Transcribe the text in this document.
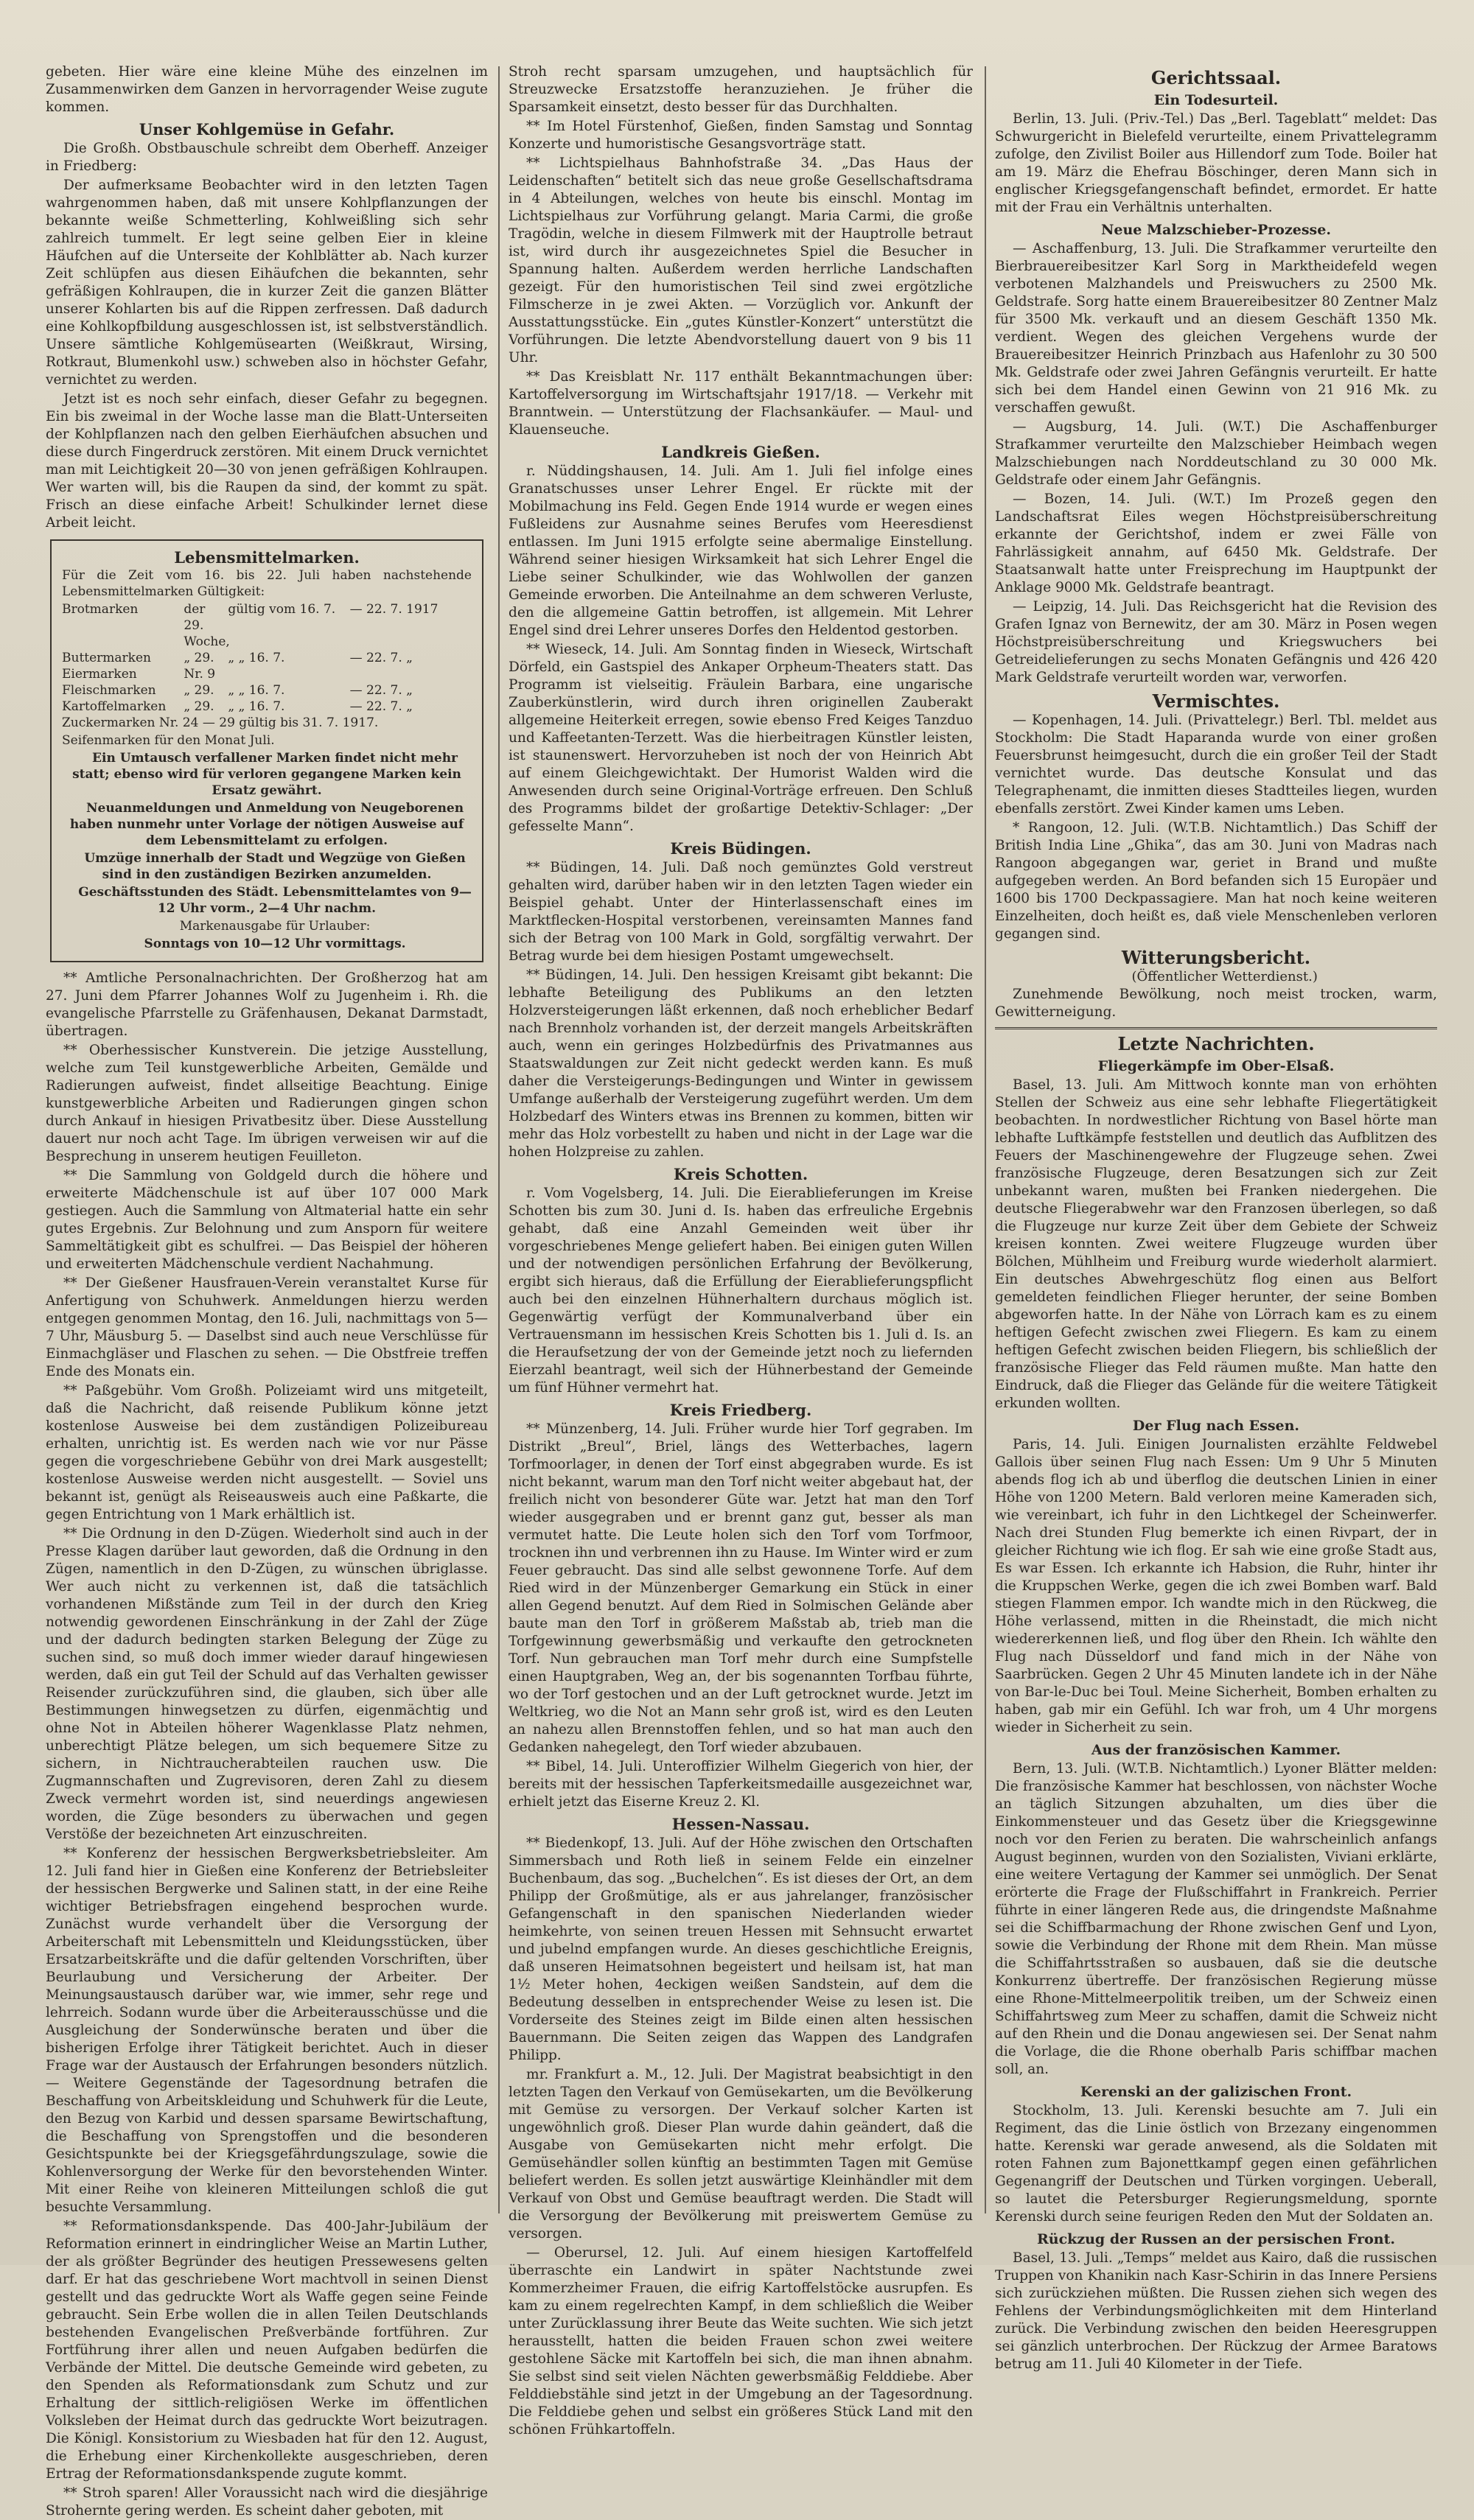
gebeten. Hier wäre eine kleine Mühe des einzelnen im Zusammenwirken dem Ganzen in hervorragender Weise zugute kommen.

Unser Kohlgemüse in Gefahr.

Die Großh. Obstbauschule schreibt dem Oberheff. Anzeiger in Friedberg:

Der aufmerksame Beobachter wird in den letzten Tagen wahrgenommen haben, daß mit unsere Kohlpflanzungen der bekannte weiße Schmetterling, Kohlweißling sich sehr zahlreich tummelt. Er legt seine gelben Eier in kleine Häufchen auf die Unterseite der Kohlblätter ab. Nach kurzer Zeit schlüpfen aus diesen Eihäufchen die bekannten, sehr gefräßigen Kohlraupen, die in kurzer Zeit die ganzen Blätter unserer Kohlarten bis auf die Rippen zerfressen. Daß dadurch eine Kohlkopfbildung ausgeschlossen ist, ist selbstverständlich. Unsere sämtliche Kohlgemüsearten (Weißkraut, Wirsing, Rotkraut, Blumenkohl usw.) schweben also in höchster Gefahr, vernichtet zu werden.

Jetzt ist es noch sehr einfach, dieser Gefahr zu begegnen. Ein bis zweimal in der Woche lasse man die Blatt-Unterseiten der Kohlpflanzen nach den gelben Eierhäufchen absuchen und diese durch Fingerdruck zerstören. Mit einem Druck vernichtet man mit Leichtigkeit 20—30 von jenen gefräßigen Kohlraupen. Wer warten will, bis die Raupen da sind, der kommt zu spät. Frisch an diese einfache Arbeit! Schulkinder lernet diese Arbeit leicht.

Lebensmittelmarken.

Für die Zeit vom 16. bis 22. Juli haben nachstehende Lebensmittelmarken Gültigkeit:

Brotmarken	der 29. Woche,
gültig vom 16. 7.	— 22. 7. 1917
Buttermarken	„ 29.	„ „ 16. 7.	— 22. 7. „
Eiermarken	Nr. 9
Fleischmarken	„ 29.	„ „ 16. 7.	— 22. 7. „
Kartoffelmarken	„ 29.	„ „ 16. 7.	— 22. 7. „

Zuckermarken Nr. 24 — 29 gültig bis 31. 7. 1917.

Seifenmarken für den Monat Juli.

Ein Umtausch verfallener Marken findet nicht mehr statt; ebenso wird für verloren gegangene Marken kein Ersatz gewährt.

Neuanmeldungen und Anmeldung von Neugeborenen haben nunmehr unter Vorlage der nötigen Ausweise auf dem Lebensmittelamt zu erfolgen.

Umzüge innerhalb der Stadt und Wegzüge von Gießen sind in den zuständigen Bezirken anzumelden.

Geschäftsstunden des Städt. Lebensmittelamtes von 9—12 Uhr vorm., 2—4 Uhr nachm.

Markenausgabe für Urlauber:

Sonntags von 10—12 Uhr vormittags.

** Amtliche Personalnachrichten. Der Großherzog hat am 27. Juni dem Pfarrer Johannes Wolf zu Jugenheim i. Rh. die evangelische Pfarrstelle zu Gräfenhausen, Dekanat Darmstadt, übertragen.

** Oberhessischer Kunstverein. Die jetzige Ausstellung, welche zum Teil kunstgewerbliche Arbeiten, Gemälde und Radierungen aufweist, findet allseitige Beachtung. Einige kunstgewerbliche Arbeiten und Radierungen gingen schon durch Ankauf in hiesigen Privatbesitz über. Diese Ausstellung dauert nur noch acht Tage. Im übrigen verweisen wir auf die Besprechung in unserem heutigen Feuilleton.

** Die Sammlung von Goldgeld durch die höhere und erweiterte Mädchenschule ist auf über 107 000 Mark gestiegen. Auch die Sammlung von Altmaterial hatte ein sehr gutes Ergebnis. Zur Belohnung und zum Ansporn für weitere Sammeltätigkeit gibt es schulfrei. — Das Beispiel der höheren und erweiterten Mädchenschule verdient Nachahmung.

** Der Gießener Hausfrauen-Verein veranstaltet Kurse für Anfertigung von Schuhwerk. Anmeldungen hierzu werden entgegen genommen Montag, den 16. Juli, nachmittags von 5—7 Uhr, Mäusburg 5. — Daselbst sind auch neue Verschlüsse für Einmachgläser und Flaschen zu sehen. — Die Obstfreie treffen Ende des Monats ein.

** Paßgebühr. Vom Großh. Polizeiamt wird uns mitgeteilt, daß die Nachricht, daß reisende Publikum könne jetzt kostenlose Ausweise bei dem zuständigen Polizeibureau erhalten, unrichtig ist. Es werden nach wie vor nur Pässe gegen die vorgeschriebene Gebühr von drei Mark ausgestellt; kostenlose Ausweise werden nicht ausgestellt. — Soviel uns bekannt ist, genügt als Reiseausweis auch eine Paßkarte, die gegen Entrichtung von 1 Mark erhältlich ist.

** Die Ordnung in den D-Zügen. Wiederholt sind auch in der Presse Klagen darüber laut geworden, daß die Ordnung in den Zügen, namentlich in den D-Zügen, zu wünschen übriglasse. Wer auch nicht zu verkennen ist, daß die tatsächlich vorhandenen Mißstände zum Teil in der durch den Krieg notwendig gewordenen Einschränkung in der Zahl der Züge und der dadurch bedingten starken Belegung der Züge zu suchen sind, so muß doch immer wieder darauf hingewiesen werden, daß ein gut Teil der Schuld auf das Verhalten gewisser Reisender zurückzuführen sind, die glauben, sich über alle Bestimmungen hinwegsetzen zu dürfen, eigenmächtig und ohne Not in Abteilen höherer Wagenklasse Platz nehmen, unberechtigt Plätze belegen, um sich bequemere Sitze zu sichern, in Nichtraucherabteilen rauchen usw. Die Zugmannschaften und Zugrevisoren, deren Zahl zu diesem Zweck vermehrt worden ist, sind neuerdings angewiesen worden, die Züge besonders zu überwachen und gegen Verstöße der bezeichneten Art einzuschreiten.

** Konferenz der hessischen Bergwerksbetriebsleiter. Am 12. Juli fand hier in Gießen eine Konferenz der Betriebsleiter der hessischen Bergwerke und Salinen statt, in der eine Reihe wichtiger Betriebsfragen eingehend besprochen wurde. Zunächst wurde verhandelt über die Versorgung der Arbeiterschaft mit Lebensmitteln und Kleidungsstücken, über Ersatzarbeitskräfte und die dafür geltenden Vorschriften, über Beurlaubung und Versicherung der Arbeiter. Der Meinungsaustausch darüber war, wie immer, sehr rege und lehrreich. Sodann wurde über die Arbeiterausschüsse und die Ausgleichung der Sonderwünsche beraten und über die bisherigen Erfolge ihrer Tätigkeit berichtet. Auch in dieser Frage war der Austausch der Erfahrungen besonders nützlich. — Weitere Gegenstände der Tagesordnung betrafen die Beschaffung von Arbeitskleidung und Schuhwerk für die Leute, den Bezug von Karbid und dessen sparsame Bewirtschaftung, die Beschaffung von Sprengstoffen und die besonderen Gesichtspunkte bei der Kriegsgefährdungszulage, sowie die Kohlenversorgung der Werke für den bevorstehenden Winter. Mit einer Reihe von kleineren Mitteilungen schloß die gut besuchte Versammlung.

** Reformationsdankspende. Das 400-Jahr-Jubiläum der Reformation erinnert in eindringlicher Weise an Martin Luther, der als größter Begründer des heutigen Pressewesens gelten darf. Er hat das geschriebene Wort machtvoll in seinen Dienst gestellt und das gedruckte Wort als Waffe gegen seine Feinde gebraucht. Sein Erbe wollen die in allen Teilen Deutschlands bestehenden Evangelischen Preßverbände fortführen. Zur Fortführung ihrer allen und neuen Aufgaben bedürfen die Verbände der Mittel. Die deutsche Gemeinde wird gebeten, zu den Spenden als Reformationsdank zum Schutz und zur Erhaltung der sittlich-religiösen Werke im öffentlichen Volksleben der Heimat durch das gedruckte Wort beizutragen. Die Königl. Konsistorium zu Wiesbaden hat für den 12. August, die Erhebung einer Kirchenkollekte ausgeschrieben, deren Ertrag der Reformationsdankspende zugute kommt.

** Stroh sparen! Aller Voraussicht nach wird die diesjährige Strohernte gering werden. Es scheint daher geboten, mit

Stroh recht sparsam umzugehen, und hauptsächlich für Streuzwecke Ersatzstoffe heranzuziehen. Je früher die Sparsamkeit einsetzt, desto besser für das Durchhalten.

** Im Hotel Fürstenhof, Gießen, finden Samstag und Sonntag Konzerte und humoristische Gesangsvorträge statt.

** Lichtspielhaus Bahnhofstraße 34. „Das Haus der Leidenschaften“ betitelt sich das neue große Gesellschaftsdrama in 4 Abteilungen, welches von heute bis einschl. Montag im Lichtspielhaus zur Vorführung gelangt. Maria Carmi, die große Tragödin, welche in diesem Filmwerk mit der Hauptrolle betraut ist, wird durch ihr ausgezeichnetes Spiel die Besucher in Spannung halten. Außerdem werden herrliche Landschaften gezeigt. Für den humoristischen Teil sind zwei ergötzliche Filmscherze in je zwei Akten. — Vorzüglich vor. Ankunft der Ausstattungsstücke. Ein „gutes Künstler-Konzert“ unterstützt die Vorführungen. Die letzte Abendvorstellung dauert von 9 bis 11 Uhr.

** Das Kreisblatt Nr. 117 enthält Bekanntmachungen über: Kartoffelversorgung im Wirtschaftsjahr 1917/18. — Verkehr mit Branntwein. — Unterstützung der Flachsankäufer. — Maul- und Klauenseuche.

Landkreis Gießen.

r. Nüddingshausen, 14. Juli. Am 1. Juli fiel infolge eines Granatschusses unser Lehrer Engel. Er rückte mit der Mobilmachung ins Feld. Gegen Ende 1914 wurde er wegen eines Fußleidens zur Ausnahme seines Berufes vom Heeresdienst entlassen. Im Juni 1915 erfolgte seine abermalige Einstellung. Während seiner hiesigen Wirksamkeit hat sich Lehrer Engel die Liebe seiner Schulkinder, wie das Wohlwollen der ganzen Gemeinde erworben. Die Anteilnahme an dem schweren Verluste, den die allgemeine Gattin betroffen, ist allgemein. Mit Lehrer Engel sind drei Lehrer unseres Dorfes den Heldentod gestorben.

** Wieseck, 14. Juli. Am Sonntag finden in Wieseck, Wirtschaft Dörfeld, ein Gastspiel des Ankaper Orpheum-Theaters statt. Das Programm ist vielseitig. Fräulein Barbara, eine ungarische Zauberkünstlerin, wird durch ihren originellen Zauberakt allgemeine Heiterkeit erregen, sowie ebenso Fred Keiges Tanzduo und Kaffeetanten-Terzett. Was die hierbeitragen Künstler leisten, ist staunenswert. Hervorzuheben ist noch der von Heinrich Abt auf einem Gleichgewichtakt. Der Humorist Walden wird die Anwesenden durch seine Original-Vorträge erfreuen. Den Schluß des Programms bildet der großartige Detektiv-Schlager: „Der gefesselte Mann“.

Kreis Büdingen.

** Büdingen, 14. Juli. Daß noch gemünztes Gold verstreut gehalten wird, darüber haben wir in den letzten Tagen wieder ein Beispiel gehabt. Unter der Hinterlassenschaft eines im Marktflecken-Hospital verstorbenen, vereinsamten Mannes fand sich der Betrag von 100 Mark in Gold, sorgfältig verwahrt. Der Betrag wurde bei dem hiesigen Postamt umgewechselt.

** Büdingen, 14. Juli. Den hessigen Kreisamt gibt bekannt: Die lebhafte Beteiligung des Publikums an den letzten Holzversteigerungen läßt erkennen, daß noch erheblicher Bedarf nach Brennholz vorhanden ist, der derzeit mangels Arbeitskräften auch, wenn ein geringes Holzbedürfnis des Privatmannes aus Staatswaldungen zur Zeit nicht gedeckt werden kann. Es muß daher die Versteigerungs-Bedingungen und Winter in gewissem Umfange außerhalb der Versteigerung zugeführt werden. Um dem Holzbedarf des Winters etwas ins Brennen zu kommen, bitten wir mehr das Holz vorbestellt zu haben und nicht in der Lage war die hohen Holzpreise zu zahlen.

Kreis Schotten.

r. Vom Vogelsberg, 14. Juli. Die Eierablieferungen im Kreise Schotten bis zum 30. Juni d. Is. haben das erfreuliche Ergebnis gehabt, daß eine Anzahl Gemeinden weit über ihr vorgeschriebenes Menge geliefert haben. Bei einigen guten Willen und der notwendigen persönlichen Erfahrung der Bevölkerung, ergibt sich hieraus, daß die Erfüllung der Eierablieferungspflicht auch bei den einzelnen Hühnerhaltern durchaus möglich ist. Gegenwärtig verfügt der Kommunalverband über ein Vertrauensmann im hessischen Kreis Schotten bis 1. Juli d. Is. an die Heraufsetzung der von der Gemeinde jetzt noch zu liefernden Eierzahl beantragt, weil sich der Hühnerbestand der Gemeinde um fünf Hühner vermehrt hat.

Kreis Friedberg.

** Münzenberg, 14. Juli. Früher wurde hier Torf gegraben. Im Distrikt „Breul“, Briel, längs des Wetterbaches, lagern Torfmoorlager, in denen der Torf einst abgegraben wurde. Es ist nicht bekannt, warum man den Torf nicht weiter abgebaut hat, der freilich nicht von besonderer Güte war. Jetzt hat man den Torf wieder ausgegraben und er brennt ganz gut, besser als man vermutet hatte. Die Leute holen sich den Torf vom Torfmoor, trocknen ihn und verbrennen ihn zu Hause. Im Winter wird er zum Feuer gebraucht. Das sind alle selbst gewonnene Torfe. Auf dem Ried wird in der Münzenberger Gemarkung ein Stück in einer allen Gegend benutzt. Auf dem Ried in Solmischen Gelände aber baute man den Torf in größerem Maßstab ab, trieb man die Torfgewinnung gewerbsmäßig und verkaufte den getrockneten Torf. Nun gebrauchen man Torf mehr durch eine Sumpfstelle einen Hauptgraben, Weg an, der bis sogenannten Torfbau führte, wo der Torf gestochen und an der Luft getrocknet wurde. Jetzt im Weltkrieg, wo die Not an Mann sehr groß ist, wird es den Leuten an nahezu allen Brennstoffen fehlen, und so hat man auch den Gedanken nahegelegt, den Torf wieder abzubauen.

** Bibel, 14. Juli. Unteroffizier Wilhelm Giegerich von hier, der bereits mit der hessischen Tapferkeitsmedaille ausgezeichnet war, erhielt jetzt das Eiserne Kreuz 2. Kl.

Hessen-Nassau.

** Biedenkopf, 13. Juli. Auf der Höhe zwischen den Ortschaften Simmersbach und Roth ließ in seinem Felde ein einzelner Buchenbaum, das sog. „Buchelchen“. Es ist dieses der Ort, an dem Philipp der Großmütige, als er aus jahrelanger, französischer Gefangenschaft in den spanischen Niederlanden wieder heimkehrte, von seinen treuen Hessen mit Sehnsucht erwartet und jubelnd empfangen wurde. An dieses geschichtliche Ereignis, daß unseren Heimatsohnen begeistert und heilsam ist, hat man 1½ Meter hohen, 4eckigen weißen Sandstein, auf dem die Bedeutung desselben in entsprechender Weise zu lesen ist. Die Vorderseite des Steines zeigt im Bilde einen alten hessischen Bauernmann. Die Seiten zeigen das Wappen des Landgrafen Philipp.

mr. Frankfurt a. M., 12. Juli. Der Magistrat beabsichtigt in den letzten Tagen den Verkauf von Gemüsekarten, um die Bevölkerung mit Gemüse zu versorgen. Der Verkauf solcher Karten ist ungewöhnlich groß. Dieser Plan wurde dahin geändert, daß die Ausgabe von Gemüsekarten nicht mehr erfolgt. Die Gemüsehändler sollen künftig an bestimmten Tagen mit Gemüse beliefert werden. Es sollen jetzt auswärtige Kleinhändler mit dem Verkauf von Obst und Gemüse beauftragt werden. Die Stadt will die Versorgung der Bevölkerung mit preiswertem Gemüse zu versorgen.

— Oberursel, 12. Juli. Auf einem hiesigen Kartoffelfeld überraschte ein Landwirt in später Nachtstunde zwei Kommerzheimer Frauen, die eifrig Kartoffelstöcke ausrupfen. Es kam zu einem regelrechten Kampf, in dem schließlich die Weiber unter Zurücklassung ihrer Beute das Weite suchten. Wie sich jetzt herausstellt, hatten die beiden Frauen schon zwei weitere gestohlene Säcke mit Kartoffeln bei sich, die man ihnen abnahm. Sie selbst sind seit vielen Nächten gewerbsmäßig Felddiebe. Aber Felddiebstähle sind jetzt in der Umgebung an der Tagesordnung. Die Felddiebe gehen und selbst ein größeres Stück Land mit den schönen Frühkartoffeln.

Gerichtssaal.
Ein Todesurteil.

Berlin, 13. Juli. (Priv.-Tel.) Das „Berl. Tageblatt“ meldet: Das Schwurgericht in Bielefeld verurteilte, einem Privattelegramm zufolge, den Zivilist Boiler aus Hillendorf zum Tode. Boiler hat am 19. März die Ehefrau Böschinger, deren Mann sich in englischer Kriegsgefangenschaft befindet, ermordet. Er hatte mit der Frau ein Verhältnis unterhalten.

Neue Malzschieber-Prozesse.

— Aschaffenburg, 13. Juli. Die Strafkammer verurteilte den Bierbrauereibesitzer Karl Sorg in Marktheidefeld wegen verbotenen Malzhandels und Preiswuchers zu 2500 Mk. Geldstrafe. Sorg hatte einem Brauereibesitzer 80 Zentner Malz für 3500 Mk. verkauft und an diesem Geschäft 1350 Mk. verdient. Wegen des gleichen Vergehens wurde der Brauereibesitzer Heinrich Prinzbach aus Hafenlohr zu 30 500 Mk. Geldstrafe oder zwei Jahren Gefängnis verurteilt. Er hatte sich bei dem Handel einen Gewinn von 21 916 Mk. zu verschaffen gewußt.

— Augsburg, 14. Juli. (W.T.) Die Aschaffenburger Strafkammer verurteilte den Malzschieber Heimbach wegen Malzschiebungen nach Norddeutschland zu 30 000 Mk. Geldstrafe oder einem Jahr Gefängnis.

— Bozen, 14. Juli. (W.T.) Im Prozeß gegen den Landschaftsrat Eiles wegen Höchstpreisüberschreitung erkannte der Gerichtshof, indem er zwei Fälle von Fahrlässigkeit annahm, auf 6450 Mk. Geldstrafe. Der Staatsanwalt hatte unter Freisprechung im Hauptpunkt der Anklage 9000 Mk. Geldstrafe beantragt.

— Leipzig, 14. Juli. Das Reichsgericht hat die Revision des Grafen Ignaz von Bernewitz, der am 30. März in Posen wegen Höchstpreisüberschreitung und Kriegswuchers bei Getreidelieferungen zu sechs Monaten Gefängnis und 426 420 Mark Geldstrafe verurteilt worden war, verworfen.

Vermischtes.

— Kopenhagen, 14. Juli. (Privattelegr.) Berl. Tbl. meldet aus Stockholm: Die Stadt Haparanda wurde von einer großen Feuersbrunst heimgesucht, durch die ein großer Teil der Stadt vernichtet wurde. Das deutsche Konsulat und das Telegraphenamt, die inmitten dieses Stadtteiles liegen, wurden ebenfalls zerstört. Zwei Kinder kamen ums Leben.

* Rangoon, 12. Juli. (W.T.B. Nichtamtlich.) Das Schiff der British India Line „Ghika“, das am 30. Juni von Madras nach Rangoon abgegangen war, geriet in Brand und mußte aufgegeben werden. An Bord befanden sich 15 Europäer und 1600 bis 1700 Deckpassagiere. Man hat noch keine weiteren Einzelheiten, doch heißt es, daß viele Menschenleben verloren gegangen sind.

Witterungsbericht.

(Öffentlicher Wetterdienst.)

Zunehmende Bewölkung, noch meist trocken, warm, Gewitterneigung.

Letzte Nachrichten.
Fliegerkämpfe im Ober-Elsaß.

Basel, 13. Juli. Am Mittwoch konnte man von erhöhten Stellen der Schweiz aus eine sehr lebhafte Fliegertätigkeit beobachten. In nordwestlicher Richtung von Basel hörte man lebhafte Luftkämpfe feststellen und deutlich das Aufblitzen des Feuers der Maschinengewehre der Flugzeuge sehen. Zwei französische Flugzeuge, deren Besatzungen sich zur Zeit unbekannt waren, mußten bei Franken niedergehen. Die deutsche Fliegerabwehr war den Franzosen überlegen, so daß die Flugzeuge nur kurze Zeit über dem Gebiete der Schweiz kreisen konnten. Zwei weitere Flugzeuge wurden über Bölchen, Mühlheim und Freiburg wurde wiederholt alarmiert. Ein deutsches Abwehrgeschütz flog einen aus Belfort gemeldeten feindlichen Flieger herunter, der seine Bomben abgeworfen hatte. In der Nähe von Lörrach kam es zu einem heftigen Gefecht zwischen zwei Fliegern. Es kam zu einem heftigen Gefecht zwischen beiden Fliegern, bis schließlich der französische Flieger das Feld räumen mußte. Man hatte den Eindruck, daß die Flieger das Gelände für die weitere Tätigkeit erkunden wollten.

Der Flug nach Essen.

Paris, 14. Juli. Einigen Journalisten erzählte Feldwebel Gallois über seinen Flug nach Essen: Um 9 Uhr 5 Minuten abends flog ich ab und überflog die deutschen Linien in einer Höhe von 1200 Metern. Bald verloren meine Kameraden sich, wie vereinbart, ich fuhr in den Lichtkegel der Scheinwerfer. Nach drei Stunden Flug bemerkte ich einen Rivpart, der in gleicher Richtung wie ich flog. Er sah wie eine große Stadt aus, Es war Essen. Ich erkannte ich Habsion, die Ruhr, hinter ihr die Kruppschen Werke, gegen die ich zwei Bomben warf. Bald stiegen Flammen empor. Ich wandte mich in den Rückweg, die Höhe verlassend, mitten in die Rheinstadt, die mich nicht wiedererkennen ließ, und flog über den Rhein. Ich wählte den Flug nach Düsseldorf und fand mich in der Nähe von Saarbrücken. Gegen 2 Uhr 45 Minuten landete ich in der Nähe von Bar-le-Duc bei Toul. Meine Sicherheit, Bomben erhalten zu haben, gab mir ein Gefühl. Ich war froh, um 4 Uhr morgens wieder in Sicherheit zu sein.

Aus der französischen Kammer.

Bern, 13. Juli. (W.T.B. Nichtamtlich.) Lyoner Blätter melden: Die französische Kammer hat beschlossen, von nächster Woche an täglich Sitzungen abzuhalten, um dies über die Einkommensteuer und das Gesetz über die Kriegsgewinne noch vor den Ferien zu beraten. Die wahrscheinlich anfangs August beginnen, wurden von den Sozialisten, Viviani erklärte, eine weitere Vertagung der Kammer sei unmöglich. Der Senat erörterte die Frage der Flußschiffahrt in Frankreich. Perrier führte in einer längeren Rede aus, die dringendste Maßnahme sei die Schiffbarmachung der Rhone zwischen Genf und Lyon, sowie die Verbindung der Rhone mit dem Rhein. Man müsse die Schiffahrtsstraßen so ausbauen, daß sie die deutsche Konkurrenz übertreffe. Der französischen Regierung müsse eine Rhone-Mittelmeerpolitik treiben, um der Schweiz einen Schiffahrtsweg zum Meer zu schaffen, damit die Schweiz nicht auf den Rhein und die Donau angewiesen sei. Der Senat nahm die Vorlage, die die Rhone oberhalb Paris schiffbar machen soll, an.

Kerenski an der galizischen Front.

Stockholm, 13. Juli. Kerenski besuchte am 7. Juli ein Regiment, das die Linie östlich von Brzezany eingenommen hatte. Kerenski war gerade anwesend, als die Soldaten mit roten Fahnen zum Bajonettkampf gegen einen gefährlichen Gegenangriff der Deutschen und Türken vorgingen. Ueberall, so lautet die Petersburger Regierungsmeldung, spornte Kerenski durch seine feurigen Reden den Mut der Soldaten an.

Rückzug der Russen an der persischen Front.

Basel, 13. Juli. „Temps“ meldet aus Kairo, daß die russischen Truppen von Khanikin nach Kasr-Schirin in das Innere Persiens sich zurückziehen müßten. Die Russen ziehen sich wegen des Fehlens der Verbindungsmöglichkeiten mit dem Hinterland zurück. Die Verbindung zwischen den beiden Heeresgruppen sei gänzlich unterbrochen. Der Rückzug der Armee Baratows betrug am 11. Juli 40 Kilometer in der Tiefe.
